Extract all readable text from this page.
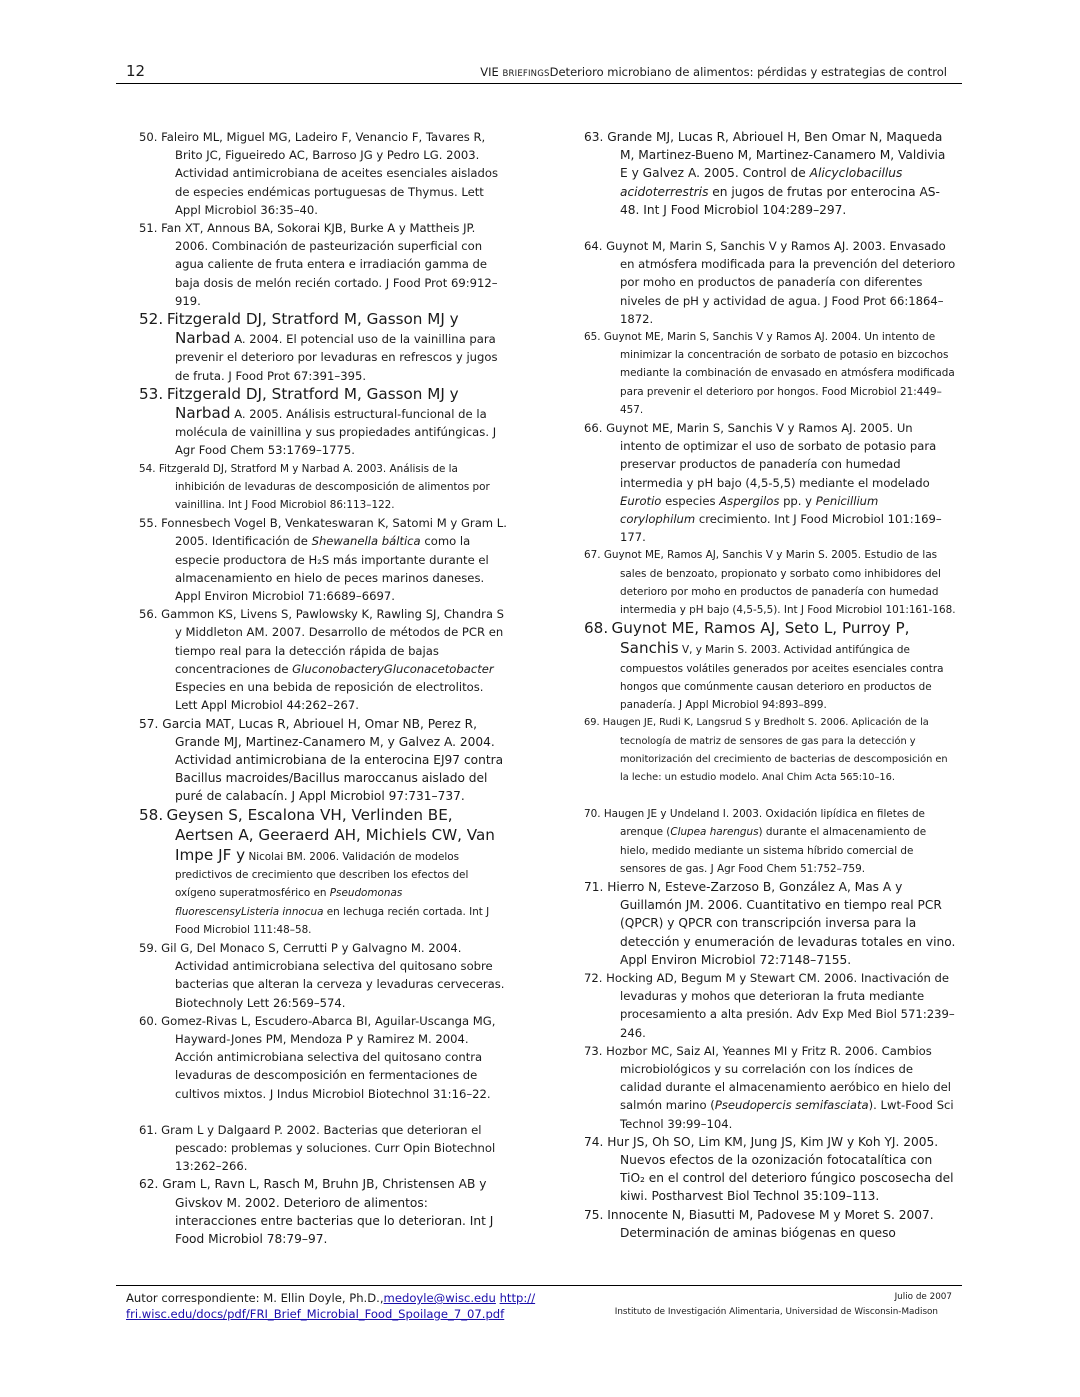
12	VIE BRIEFINGSDeterioro microbiano de alimentos: pérdidas y estrategias de control

50. Faleiro ML, Miguel MG, Ladeiro F, Venancio F, Tavares R, Brito JC, Figueiredo AC, Barroso JG y Pedro LG. 2003. Actividad antimicrobiana de aceites esenciales aislados de especies endémicas portuguesas de Thymus. Lett Appl Microbiol 36:35–40.

51. Fan XT, Annous BA, Sokorai KJB, Burke A y Mattheis JP. 2006. Combinación de pasteurización superficial con agua caliente de fruta entera e irradiación gamma de baja dosis de melón recién cortado. J Food Prot 69:912–919.

52. Fitzgerald DJ, Stratford M, Gasson MJ y Narbad A. 2004. El potencial uso de la vainillina para prevenir el deterioro por levaduras en refrescos y jugos de fruta. J Food Prot 67:391–395.

53. Fitzgerald DJ, Stratford M, Gasson MJ y Narbad A. 2005. Análisis estructural-funcional de la molécula de vainillina y sus propiedades antifúngicas. J Agr Food Chem 53:1769–1775.

54. Fitzgerald DJ, Stratford M y Narbad A. 2003. Análisis de la inhibición de levaduras de descomposición de alimentos por vainillina. Int J Food Microbiol 86:113–122.

55. Fonnesbech Vogel B, Venkateswaran K, Satomi M y Gram L. 2005. Identificación de Shewanella báltica como la especie productora de H₂S más importante durante el almacenamiento en hielo de peces marinos daneses. Appl Environ Microbiol 71:6689–6697.

56. Gammon KS, Livens S, Pawlowsky K, Rawling SJ, Chandra S y Middleton AM. 2007. Desarrollo de métodos de PCR en tiempo real para la detección rápida de bajas concentraciones de GluconobacteryGluconacetobacter Especies en una bebida de reposición de electrolitos. Lett Appl Microbiol 44:262–267.

57. Garcia MAT, Lucas R, Abriouel H, Omar NB, Perez R, Grande MJ, Martinez-Canamero M, y Galvez A. 2004. Actividad antimicrobiana de la enterocina EJ97 contra Bacillus macroides/Bacillus maroccanus aislado del puré de calabacín. J Appl Microbiol 97:731–737.

58. Geysen S, Escalona VH, Verlinden BE, Aertsen A, Geeraerd AH, Michiels CW, Van Impe JF y Nicolai BM. 2006. Validación de modelos predictivos de crecimiento que describen los efectos del oxígeno superatmosférico en Pseudomonas fluorescensyListeria innocua en lechuga recién cortada. Int J Food Microbiol 111:48–58.

59. Gil G, Del Monaco S, Cerrutti P y Galvagno M. 2004. Actividad antimicrobiana selectiva del quitosano sobre bacterias que alteran la cerveza y levaduras cerveceras. Biotechnoly Lett 26:569–574.

60. Gomez-Rivas L, Escudero-Abarca BI, Aguilar-Uscanga MG, Hayward-Jones PM, Mendoza P y Ramirez M. 2004. Acción antimicrobiana selectiva del quitosano contra levaduras de descomposición en fermentaciones de cultivos mixtos. J Indus Microbiol Biotechnol 31:16–22.

61. Gram L y Dalgaard P. 2002. Bacterias que deterioran el pescado: problemas y soluciones. Curr Opin Biotechnol 13:262–266.

62. Gram L, Ravn L, Rasch M, Bruhn JB, Christensen AB y Givskov M. 2002. Deterioro de alimentos: interacciones entre bacterias que lo deterioran. Int J Food Microbiol 78:79–97.

63. Grande MJ, Lucas R, Abriouel H, Ben Omar N, Maqueda M, Martinez-Bueno M, Martinez-Canamero M, Valdivia E y Galvez A. 2005. Control de Alicyclobacillus acidoterrestris en jugos de frutas por enterocina AS-48. Int J Food Microbiol 104:289–297.

64. Guynot M, Marin S, Sanchis V y Ramos AJ. 2003. Envasado en atmósfera modificada para la prevención del deterioro por moho en productos de panadería con diferentes niveles de pH y actividad de agua. J Food Prot 66:1864–1872.

65. Guynot ME, Marin S, Sanchis V y Ramos AJ. 2004. Un intento de minimizar la concentración de sorbato de potasio en bizcochos mediante la combinación de envasado en atmósfera modificada para prevenir el deterioro por hongos. Food Microbiol 21:449–457.

66. Guynot ME, Marin S, Sanchis V y Ramos AJ. 2005. Un intento de optimizar el uso de sorbato de potasio para preservar productos de panadería con humedad intermedia y pH bajo (4,5-5,5) mediante el modelado Eurotio especies Aspergilos pp. y Penicillium corylophilum crecimiento. Int J Food Microbiol 101:169–177.

67. Guynot ME, Ramos AJ, Sanchis V y Marin S. 2005. Estudio de las sales de benzoato, propionato y sorbato como inhibidores del deterioro por moho en productos de panadería con humedad intermedia y pH bajo (4,5-5,5). Int J Food Microbiol 101:161-168.

68. Guynot ME, Ramos AJ, Seto L, Purroy P, Sanchis V, y Marin S. 2003. Actividad antifúngica de compuestos volátiles generados por aceites esenciales contra hongos que comúnmente causan deterioro en productos de panadería. J Appl Microbiol 94:893–899.

69. Haugen JE, Rudi K, Langsrud S y Bredholt S. 2006. Aplicación de la tecnología de matriz de sensores de gas para la detección y monitorización del crecimiento de bacterias de descomposición en la leche: un estudio modelo. Anal Chim Acta 565:10–16.

70. Haugen JE y Undeland I. 2003. Oxidación lipídica en filetes de arenque (Clupea harengus) durante el almacenamiento de hielo, medido mediante un sistema híbrido comercial de sensores de gas. J Agr Food Chem 51:752–759.

71. Hierro N, Esteve-Zarzoso B, González A, Mas A y Guillamón JM. 2006. Cuantitativo en tiempo real PCR (QPCR) y QPCR con transcripción inversa para la detección y enumeración de levaduras totales en vino. Appl Environ Microbiol 72:7148–7155.

72. Hocking AD, Begum M y Stewart CM. 2006. Inactivación de levaduras y mohos que deterioran la fruta mediante procesamiento a alta presión. Adv Exp Med Biol 571:239–246.

73. Hozbor MC, Saiz AI, Yeannes MI y Fritz R. 2006. Cambios microbiológicos y su correlación con los índices de calidad durante el almacenamiento aeróbico en hielo del salmón marino (Pseudopercis semifasciata). Lwt-Food Sci Technol 39:99–104.

74. Hur JS, Oh SO, Lim KM, Jung JS, Kim JW y Koh YJ. 2005. Nuevos efectos de la ozonización fotocatalítica con TiO₂ en el control del deterioro fúngico poscosecha del kiwi. Postharvest Biol Technol 35:109–113.

75. Innocente N, Biasutti M, Padovese M y Moret S. 2007. Determinación de aminas biógenas en queso

Autor correspondiente: M. Ellin Doyle, Ph.D.,medoyle@wisc.edu http://
fri.wisc.edu/docs/pdf/FRI_Brief_Microbial_Food_Spoilage_7_07.pdf
Julio de 2007
Instituto de Investigación Alimentaria, Universidad de Wisconsin-Madison
